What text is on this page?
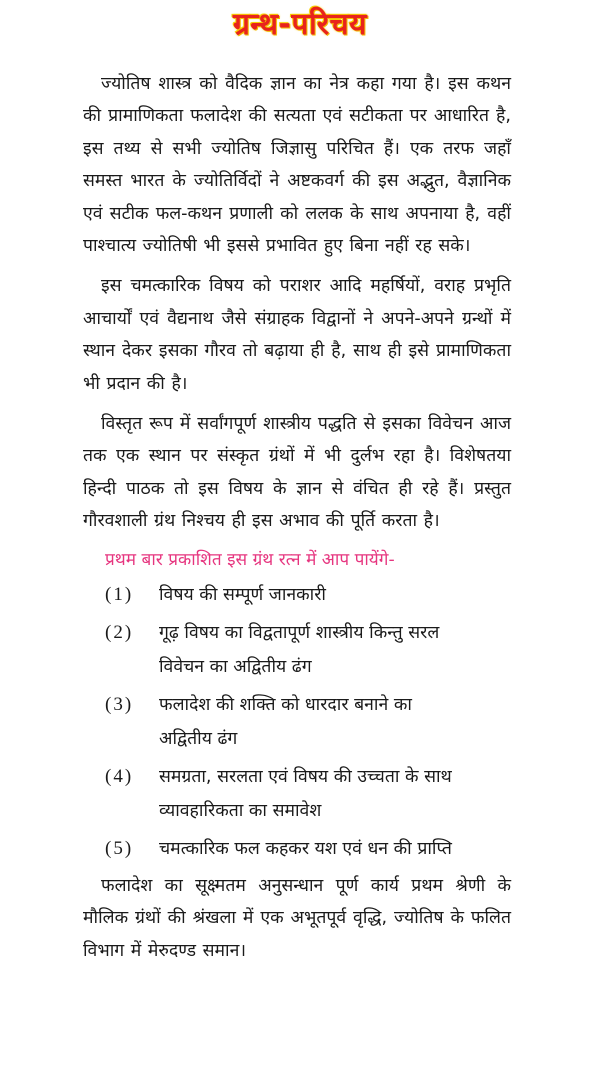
ग्रन्थ-परिचय

ज्योतिष शास्त्र को वैदिक ज्ञान का नेत्र कहा गया है। इस कथन की प्रामाणिकता फलादेश की सत्यता एवं सटीकता पर आधारित है, इस तथ्य से सभी ज्योतिष जिज्ञासु परिचित हैं। एक तरफ जहाँ समस्त भारत के ज्योतिर्विदों ने अष्टकवर्ग की इस अद्भुत, वैज्ञानिक एवं सटीक फल-कथन प्रणाली को ललक के साथ अपनाया है, वहीं पाश्चात्य ज्योतिषी भी इससे प्रभावित हुए बिना नहीं रह सके।

इस चमत्कारिक विषय को पराशर आदि महर्षियों, वराह प्रभृति आचार्यों एवं वैद्यनाथ जैसे संग्राहक विद्वानों ने अपने-अपने ग्रन्थों में स्थान देकर इसका गौरव तो बढ़ाया ही है, साथ ही इसे प्रामाणिकता भी प्रदान की है।

विस्तृत रूप में सर्वांगपूर्ण शास्त्रीय पद्धति से इसका विवेचन आज तक एक स्थान पर संस्कृत ग्रंथों में भी दुर्लभ रहा है। विशेषतया हिन्दी पाठक तो इस विषय के ज्ञान से वंचित ही रहे हैं। प्रस्तुत गौरवशाली ग्रंथ निश्चय ही इस अभाव की पूर्ति करता है।

प्रथम बार प्रकाशित इस ग्रंथ रत्न में आप पायेंगे-
(1)	विषय की सम्पूर्ण जानकारी
(2)	गूढ़ विषय का विद्वतापूर्ण शास्त्रीय किन्तु सरल विवेचन का अद्वितीय ढंग
(3)	फलादेश की शक्ति को धारदार बनाने का अद्वितीय ढंग
(4)	समग्रता, सरलता एवं विषय की उच्चता के साथ व्यावहारिकता का समावेश
(5)	चमत्कारिक फल कहकर यश एवं धन की प्राप्ति

फलादेश का सूक्ष्मतम अनुसन्धान पूर्ण कार्य प्रथम श्रेणी के मौलिक ग्रंथों की श्रंखला में एक अभूतपूर्व वृद्धि, ज्योतिष के फलित विभाग में मेरुदण्ड समान।
